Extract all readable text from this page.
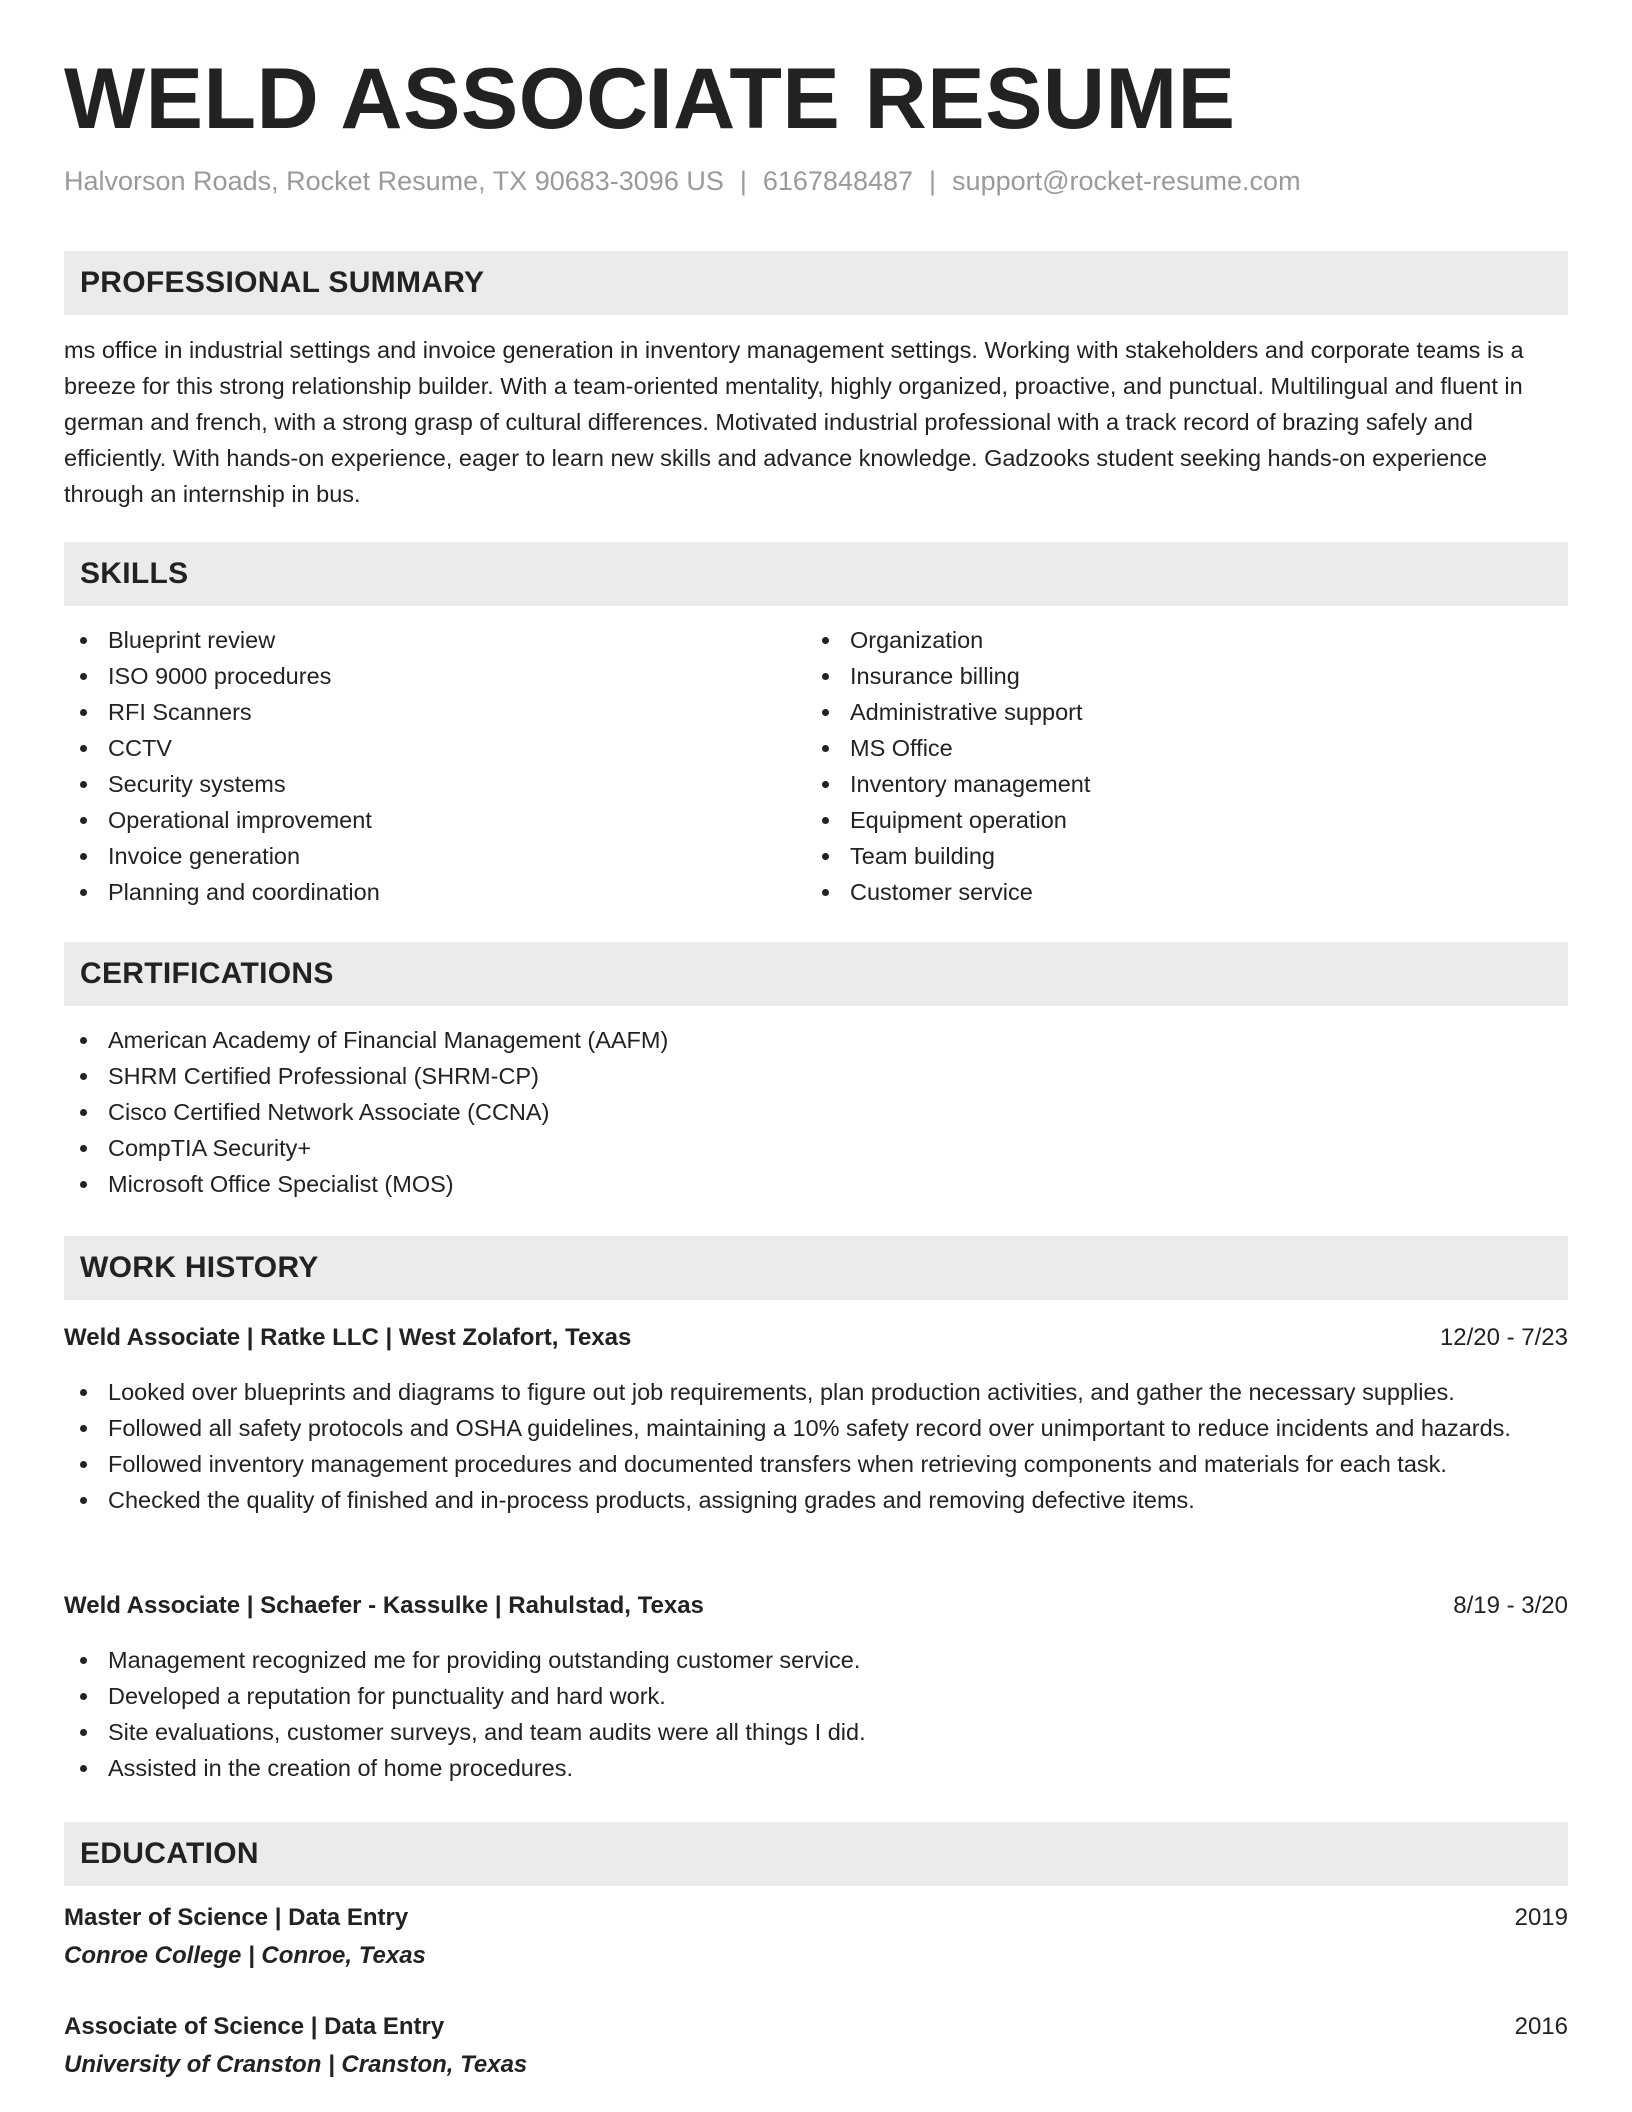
WELD ASSOCIATE RESUME
Halvorson Roads, Rocket Resume, TX 90683-3096 US | 6167848487 | support@rocket-resume.com
PROFESSIONAL SUMMARY
ms office in industrial settings and invoice generation in inventory management settings. Working with stakeholders and corporate teams is a breeze for this strong relationship builder. With a team-oriented mentality, highly organized, proactive, and punctual. Multilingual and fluent in german and french, with a strong grasp of cultural differences. Motivated industrial professional with a track record of brazing safely and efficiently. With hands-on experience, eager to learn new skills and advance knowledge. Gadzooks student seeking hands-on experience through an internship in bus.
SKILLS
Blueprint review
ISO 9000 procedures
RFI Scanners
CCTV
Security systems
Operational improvement
Invoice generation
Planning and coordination
Organization
Insurance billing
Administrative support
MS Office
Inventory management
Equipment operation
Team building
Customer service
CERTIFICATIONS
American Academy of Financial Management (AAFM)
SHRM Certified Professional (SHRM-CP)
Cisco Certified Network Associate (CCNA)
CompTIA Security+
Microsoft Office Specialist (MOS)
WORK HISTORY
Weld Associate | Ratke LLC | West Zolafort, Texas	12/20 - 7/23
Looked over blueprints and diagrams to figure out job requirements, plan production activities, and gather the necessary supplies.
Followed all safety protocols and OSHA guidelines, maintaining a 10% safety record over unimportant to reduce incidents and hazards.
Followed inventory management procedures and documented transfers when retrieving components and materials for each task.
Checked the quality of finished and in-process products, assigning grades and removing defective items.
Weld Associate | Schaefer - Kassulke | Rahulstad, Texas	8/19 - 3/20
Management recognized me for providing outstanding customer service.
Developed a reputation for punctuality and hard work.
Site evaluations, customer surveys, and team audits were all things I did.
Assisted in the creation of home procedures.
EDUCATION
Master of Science | Data Entry	2019
Conroe College | Conroe, Texas
Associate of Science | Data Entry	2016
University of Cranston | Cranston, Texas
